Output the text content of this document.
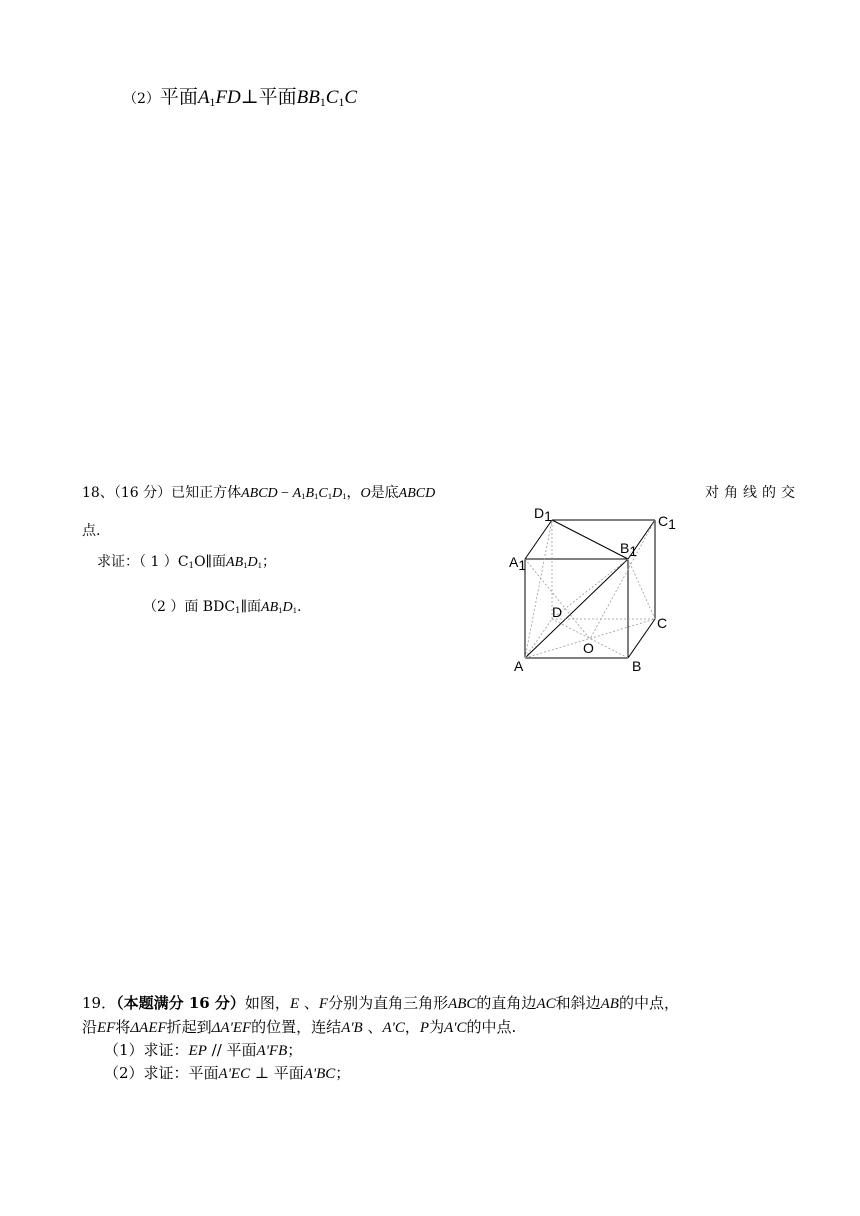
（2）平面$A_1FD\perp$平面$BB_1C_1C$
18、（16 分）已知正方体ABCD − $A_1B_1C_1D_1$，O是底ABCD	对角线的交
点.
求证：（ 1 ）$C_1O\parallel$面$AB_1D_1$；
（2 ）面 $BDC_1\parallel$面$AB_1D_1$.
D1	C1
B1
A1
D
C
O
A	B
19．（本题满分 16 分）如图，E 、F分别为直角三角形ABC的直角边AC和斜边AB的中点，
沿EF将ΔAEF折起到ΔA'EF的位置，连结A'B 、A'C，P为A'C的中点.
（1）求证：EP // 平面A'FB；
（2）求证：平面A'EC ⊥ 平面A'BC；
